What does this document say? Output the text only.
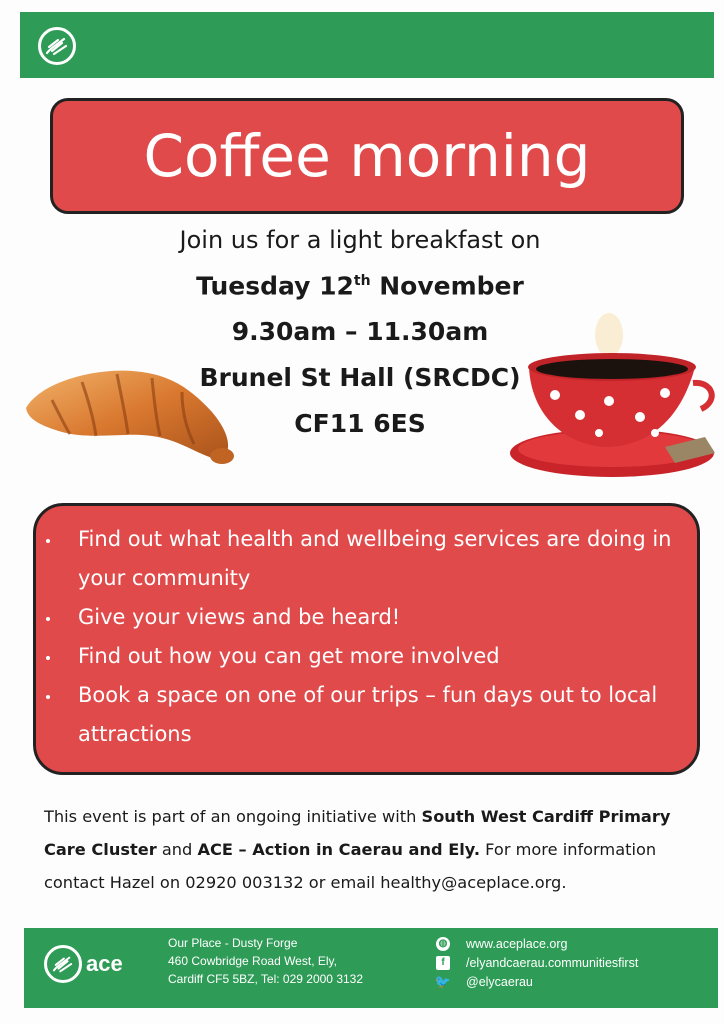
Coffee morning
Join us for a light breakfast on
Tuesday 12th November
9.30am – 11.30am
Brunel St Hall (SRCDC)
CF11 6ES
Find out what health and wellbeing services are doing in your community
Give your views and be heard!
Find out how you can get more involved
Book a space on one of our trips – fun days out to local attractions
This event is part of an ongoing initiative with South West Cardiff Primary Care Cluster and ACE – Action in Caerau and Ely. For more information contact Hazel on 02920 003132 or email healthy@aceplace.org.
ace
Our Place - Dusty Forge
460 Cowbridge Road West, Ely,
Cardiff CF5 5BZ, Tel: 029 2000 3132
◍ www.aceplace.org
f	/elyandcaerau.communitiesfirst
🐦 @elycaerau
